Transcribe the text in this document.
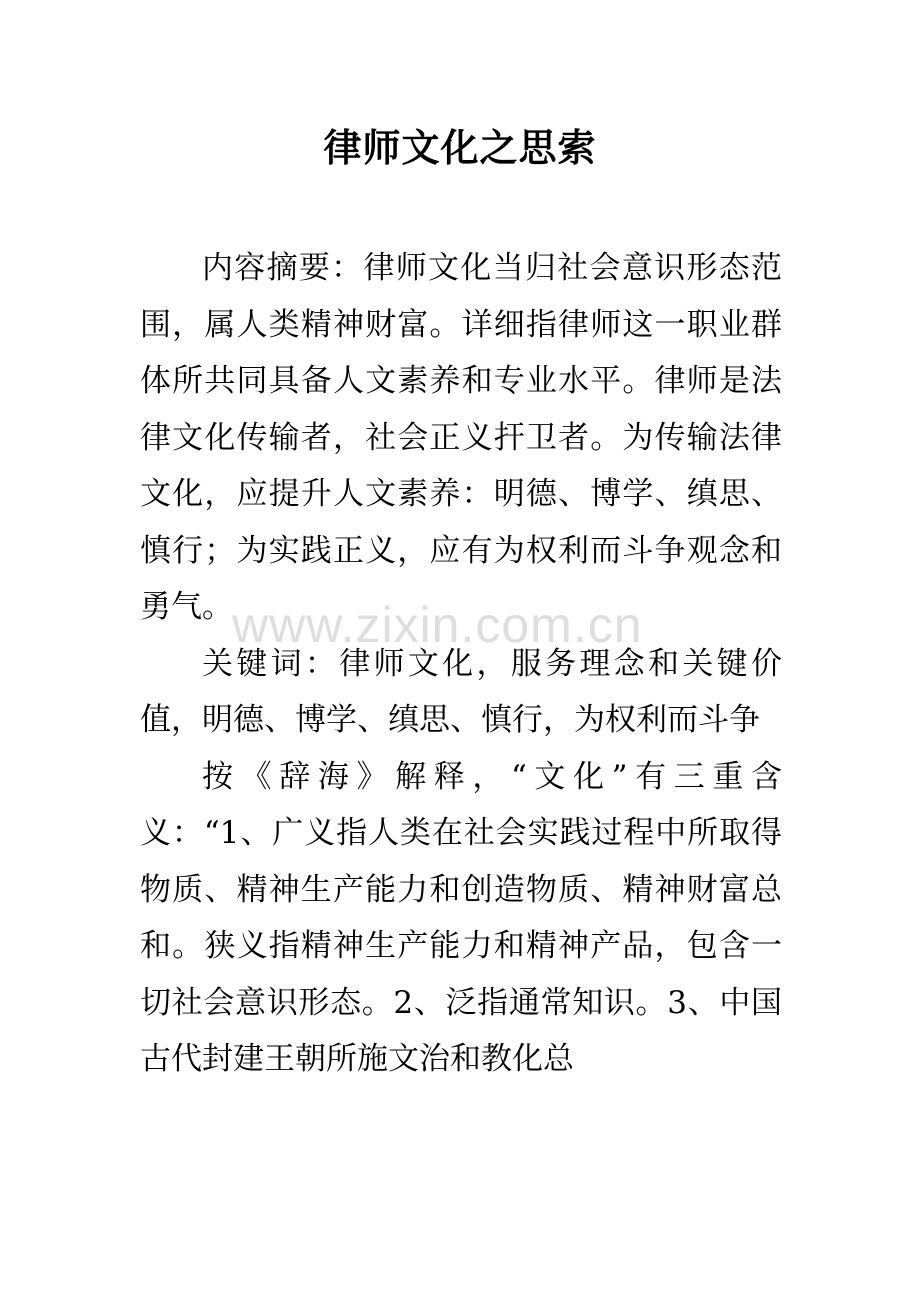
律师文化之思索

内容摘要：律师文化当归社会意识形态范围，属人类精神财富。详细指律师这一职业群体所共同具备人文素养和专业水平。律师是法律文化传输者，社会正义扞卫者。为传输法律文化，应提升人文素养：明德、博学、缜思、慎行；为实践正义，应有为权利而斗争观念和勇气。

关键词：律师文化，服务理念和关键价值，明德、博学、缜思、慎行，为权利而斗争

按《辞海》解释，“文化”有三重含义：“1、广义指人类在社会实践过程中所取得物质、精神生产能力和创造物质、精神财富总和。狭义指精神生产能力和精神产品，包含一切社会意识形态。2、泛指通常知识。3、中国古代封建王朝所施文治和教化总

www.zixin.com.cn
